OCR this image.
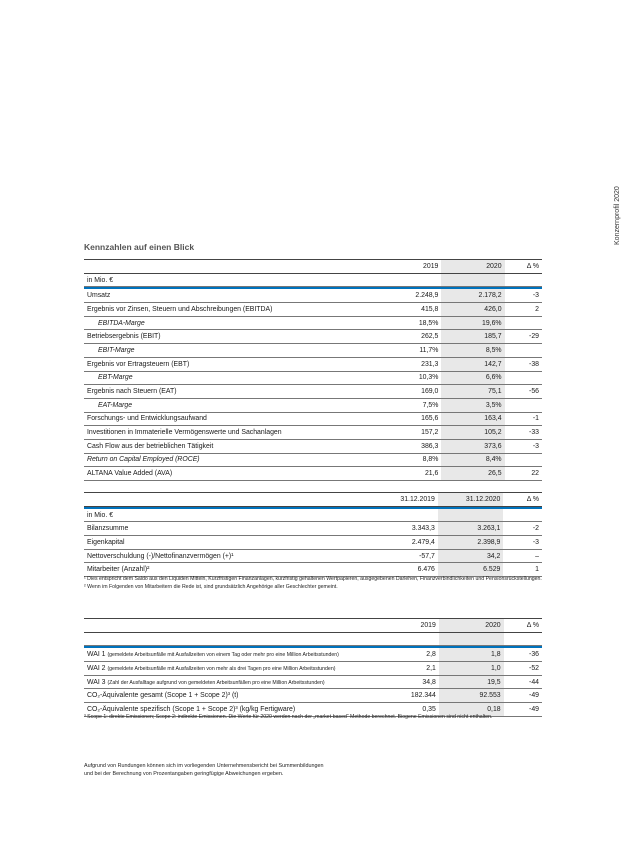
Konzernprofil 2020
Kennzahlen auf einen Blick
	2019	2020	Δ %
in Mio. €			

Umsatz	2.248,9	2.178,2	-3
Ergebnis vor Zinsen, Steuern und Abschreibungen (EBITDA)	415,8	426,0	2
EBITDA-Marge	18,5%	19,6%	
Betriebsergebnis (EBIT)	262,5	185,7	-29
EBIT-Marge	11,7%	8,5%	
Ergebnis vor Ertragsteuern (EBT)	231,3	142,7	-38
EBT-Marge	10,3%	6,6%	
Ergebnis nach Steuern (EAT)	169,0	75,1	-56
EAT-Marge	7,5%	3,5%	
Forschungs- und Entwicklungsaufwand	165,6	163,4	-1
Investitionen in Immaterielle Vermögenswerte und Sachanlagen	157,2	105,2	-33
Cash Flow aus der betrieblichen Tätigkeit	386,3	373,6	-3
Return on Capital Employed (ROCE)	8,8%	8,4%	
ALTANA Value Added (AVA)	21,6	26,5	22
	31.12.2019	31.12.2020	Δ %

in Mio. €			
Bilanzsumme	3.343,3	3.263,1	-2
Eigenkapital	2.479,4	2.398,9	-3
Nettoverschuldung (-)/Nettofinanzvermögen (+)¹	-57,7	34,2	–
Mitarbeiter (Anzahl)²	6.476	6.529	1
¹ Dies entspricht dem Saldo aus den Liquiden Mitteln, Kurzfristigen Finanzanlagen, kurzfristig gehaltenen Wertpapieren, ausgegebenen Darlehen, Finanzverbindlichkeiten und Pensionsrückstellungen.
² Wenn im Folgenden von Mitarbeitern die Rede ist, sind grundsätzlich Angehörige aller Geschlechter gemeint.
	2019	2020	Δ %

WAI 1 (gemeldete Arbeitsunfälle mit Ausfallzeiten von einem Tag oder mehr pro eine Million Arbeitsstunden)	2,8	1,8	-36
WAI 2 (gemeldete Arbeitsunfälle mit Ausfallzeiten von mehr als drei Tagen pro eine Million Arbeitsstunden)	2,1	1,0	-52
WAI 3 (Zahl der Ausfalltage aufgrund von gemeldeten Arbeitsunfällen pro eine Million Arbeitsstunden)	34,8	19,5	-44
CO₂-Äquivalente gesamt (Scope 1 + Scope 2)³ (t)	182.344	92.553	-49
CO₂-Äquivalente spezifisch (Scope 1 + Scope 2)³ (kg/kg Fertigware)	0,35	0,18	-49
³ Scope 1: direkte Emissionen; Scope 2: indirekte Emissionen. Die Werte für 2020 werden nach der „market-based“ Methode berechnet. Biogene Emissionen sind nicht enthalten.
Aufgrund von Rundungen können sich im vorliegenden Unternehmensbericht bei Summenbildungen
und bei der Berechnung von Prozentangaben geringfügige Abweichungen ergeben.
